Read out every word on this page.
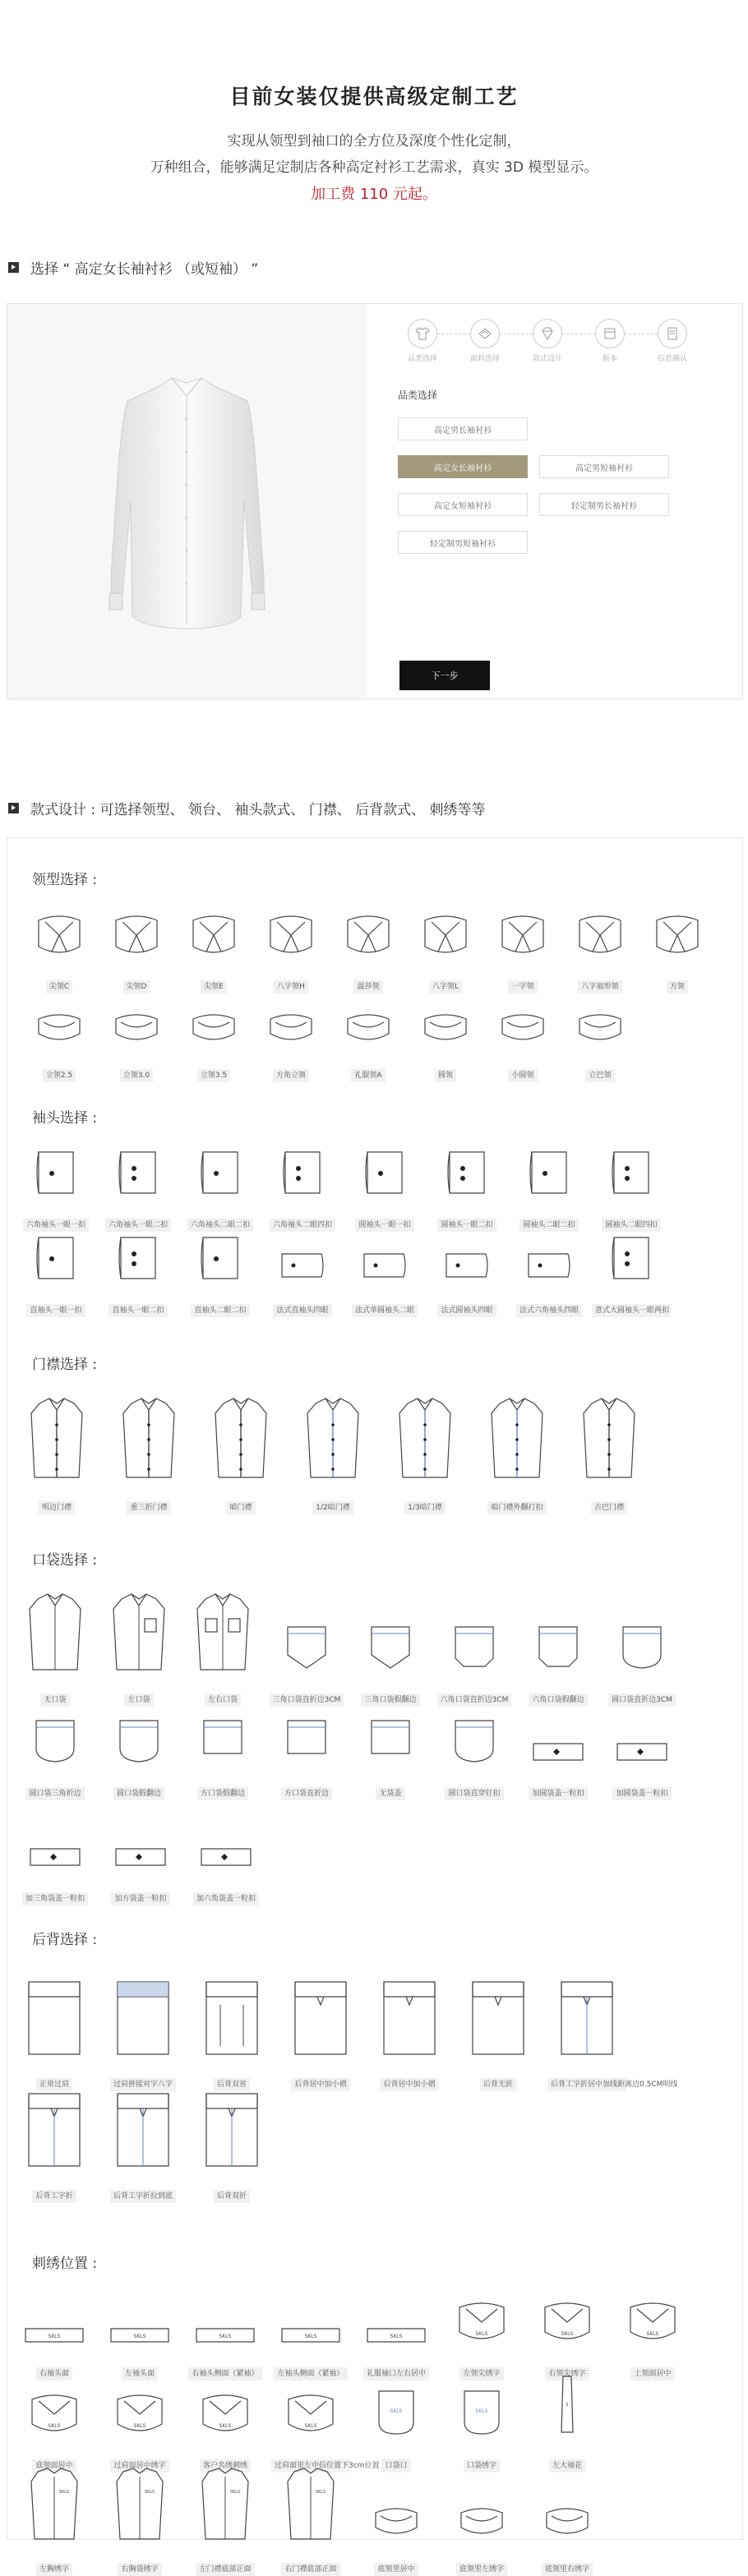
目前女装仅提供高级定制工艺

实现从领型到袖口的全方位及深度个性化定制，

万种组合，能够满足定制店各种高定衬衫工艺需求，真实 3D 模型显示。

加工费 110 元起。

选择 “ 高定女长袖衬衫 （或短袖） ”
品类选择	面料选择	款式设计	版本	信息确认
品类选择
高定男长袖衬衫
高定女长袖衬衫	高定男短袖衬衫
高定女短袖衬衫	轻定制男长袖衬衫
轻定制男短袖衬衫
下一步
款式设计 : 可选择领型、 领台、 袖头款式、 门襟、 后背款式、 刺绣等等
领型选择 :

尖领C	尖领D	尖领E	八字领H	温莎领	八字领L	一字领	八字福形领	方领

立领2.5	立领3.0	立领3.5	方角立领	礼服领A	圆领	小圆领	立巴领
袖头选择 :

六角袖头一眼一扣	六角袖头一眼二扣	六角袖头二眼二扣	六角袖头二眼四扣	圆袖头一眼一扣	圆袖头一眼二扣	圆袖头二眼二扣	圆袖头二眼四扣

直袖头一眼一扣	直袖头一眼二扣	直袖头二眼二扣	法式直袖头四眼	法式单圆袖头二眼	法式圆袖头四眼	法式六角袖头四眼	意式大圆袖头一眼两扣
门襟选择 :

明边门襟	重三折门襟	暗门襟	1/2暗门襟	1/3暗门襟	暗门襟外翻打扣	古巴门襟
口袋选择 :

无口袋	左口袋	左右口袋	三角口袋直折边3CM	三角口袋假翻边	六角口袋直折边3CM	六角口袋假翻边	圆口袋直折边3CM

圆口袋三角折边	圆口袋假翻边	方口袋假翻边	方口袋直折边	无袋盖	圆口袋直穿钉扣	加圆袋盖一粒扣	加圆袋盖一粒扣

加三角袋盖一粒扣	加方袋盖一粒扣	加六角袋盖一粒扣
后背选择 :

正常过肩	过肩拼接对字八字	后背双省	后背居中加小褶	后背居中加小褶	后背无折	后背工字折居中加线距离边0.5CM明线

后背工字折	后背工字折拉到底	后背双折
刺绣位置 :
SKLS

右袖头面
SKLS

左袖头面
SKLS

右袖头侧面（紧袖）
SKLS

左袖头侧面（紧袖）
SKLS

礼服袖口左右居中
SKLS

左领尖绣字
SKLS

右领尖绣字
SKLS

上领面居中
SKLS

底领面居中
SKLS

过肩面居中绣字
SKLS

客户名绣刺绣
SKLS

过肩面里左中信位置下3cm位置
SKLS

口袋口
SKLS

口袋绣字
S

左大袖花
SKLS

左胸绣字
SKLS

右胸袋绣字
SKLS

左门襟底部正面
SKLS

右门襟底部正面	底领里居中	底领里左绣字	底领里右绣字
